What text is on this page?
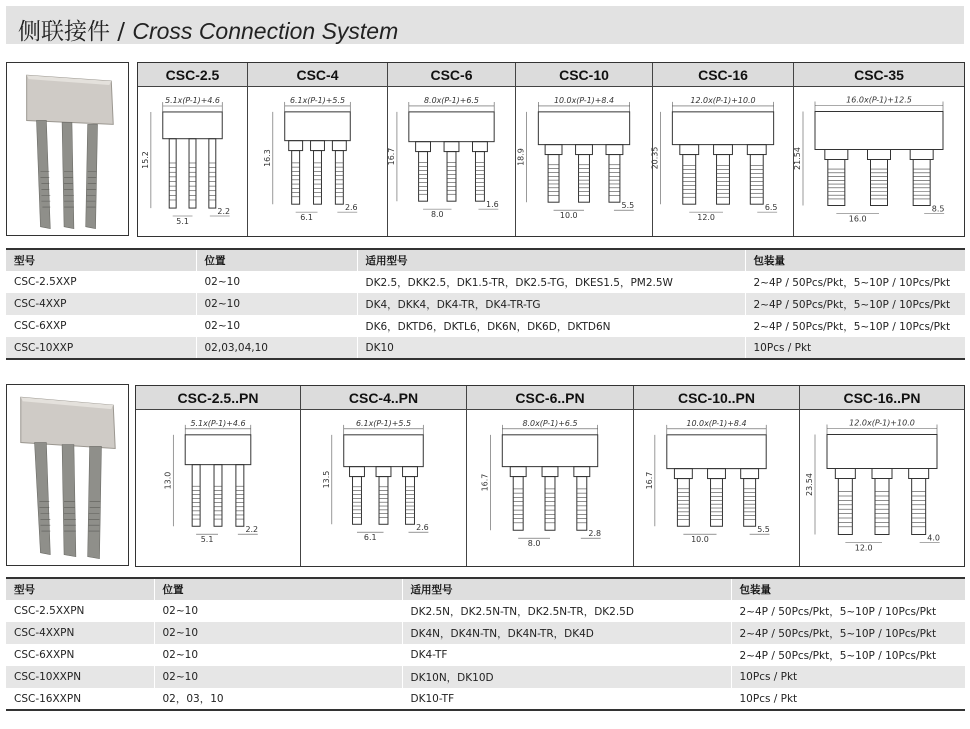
侧联接件 / Cross Connection System
CSC-2.5
5.1x(P-1)+4.6
15.2
5.1
2.2
CSC-4
6.1x(P-1)+5.5
16.3
6.1
2.6
CSC-6
8.0x(P-1)+6.5
16.7
8.0
1.6
CSC-10
10.0x(P-1)+8.4
18.9
10.0
5.5
CSC-16
12.0x(P-1)+10.0
20.35
12.0
6.5
CSC-35
16.0x(P-1)+12.5
21.54
16.0
8.5
型号	位置	适用型号	包装量
CSC-2.5XXP	02~10	DK2.5，DKK2.5，DK1.5-TR，DK2.5-TG，DKES1.5，PM2.5W	2~4P / 50Pcs/Pkt，5~10P / 10Pcs/Pkt
CSC-4XXP	02~10	DK4，DKK4，DK4-TR，DK4-TR-TG	2~4P / 50Pcs/Pkt，5~10P / 10Pcs/Pkt
CSC-6XXP	02~10	DK6，DKTD6，DKTL6，DK6N，DK6D，DKTD6N	2~4P / 50Pcs/Pkt，5~10P / 10Pcs/Pkt
CSC-10XXP	02,03,04,10	DK10	10Pcs / Pkt
CSC-2.5..PN
5.1x(P-1)+4.6
13.0
5.1
2.2
CSC-4..PN
6.1x(P-1)+5.5
13.5
6.1
2.6
CSC-6..PN
8.0x(P-1)+6.5
16.7
8.0
2.8
CSC-10..PN
10.0x(P-1)+8.4
16.7
10.0
5.5
CSC-16..PN
12.0x(P-1)+10.0
23.54
12.0
4.0
型号	位置	适用型号	包装量
CSC-2.5XXPN	02~10	DK2.5N，DK2.5N-TN，DK2.5N-TR，DK2.5D	2~4P / 50Pcs/Pkt，5~10P / 10Pcs/Pkt
CSC-4XXPN	02~10	DK4N，DK4N-TN，DK4N-TR，DK4D	2~4P / 50Pcs/Pkt，5~10P / 10Pcs/Pkt
CSC-6XXPN	02~10	DK4-TF	2~4P / 50Pcs/Pkt，5~10P / 10Pcs/Pkt
CSC-10XXPN	02~10	DK10N，DK10D	10Pcs / Pkt
CSC-16XXPN	02，03，10	DK10-TF	10Pcs / Pkt
